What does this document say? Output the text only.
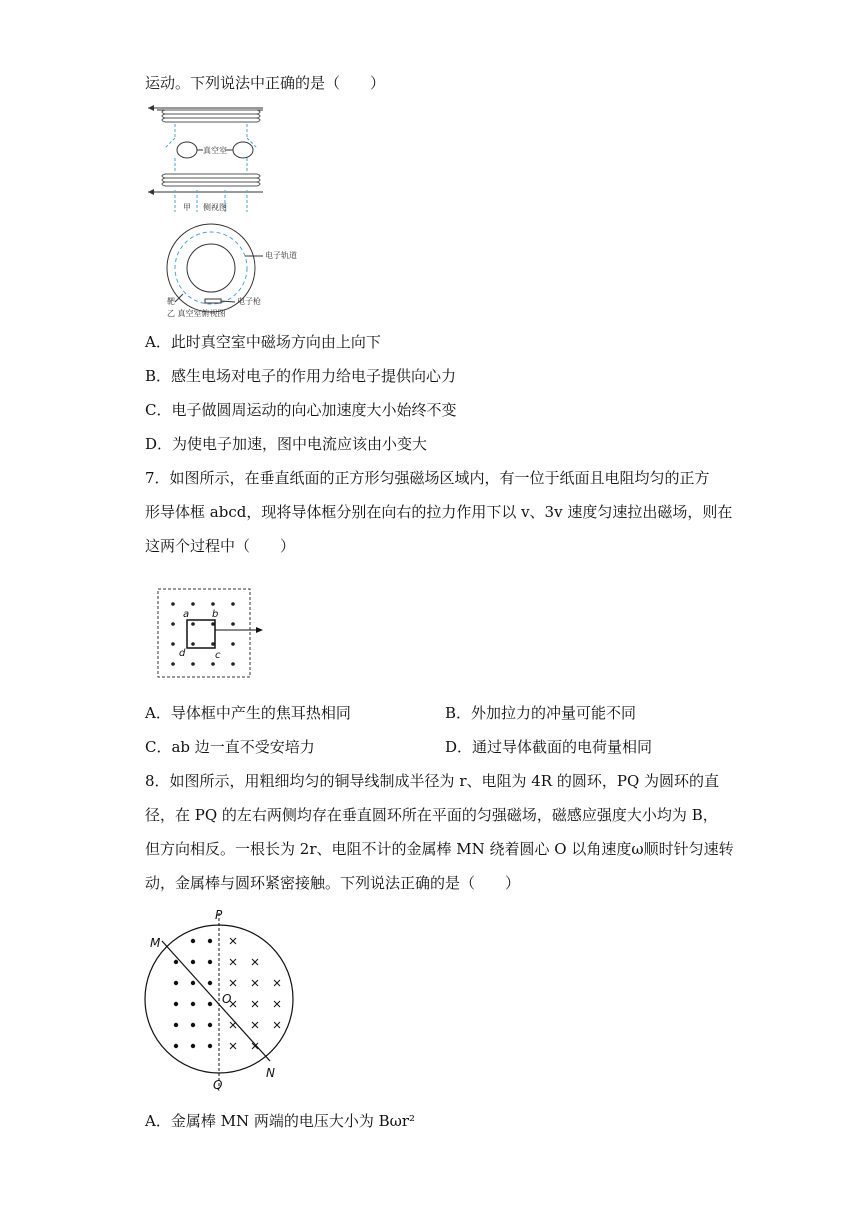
运动。下列说法中正确的是（　　）
真空室
甲 侧视图
电子轨道
靶	电子枪
乙 真空室俯视图
A．此时真空室中磁场方向由上向下
B．感生电场对电子的作用力给电子提供向心力
C．电子做圆周运动的向心加速度大小始终不变
D．为使电子加速，图中电流应该由小变大
7．如图所示，在垂直纸面的正方形匀强磁场区域内，有一位于纸面且电阻均匀的正方
形导体框 abcd，现将导体框分别在向右的拉力作用下以 v、3v 速度匀速拉出磁场，则在
这两个过程中（　　）
a b
d	c
A．导体框中产生的焦耳热相同	B．外加拉力的冲量可能不同
C．ab 边一直不受安培力	D．通过导体截面的电荷量相同
8．如图所示，用粗细均匀的铜导线制成半径为 r、电阻为 4R 的圆环，PQ 为圆环的直
径，在 PQ 的左右两侧均存在垂直圆环所在平面的匀强磁场，磁感应强度大小均为 B，
但方向相反。一根长为 2r、电阻不计的金属棒 MN 绕着圆心 O 以角速度ω顺时针匀速转
动，金属棒与圆环紧密接触。下列说法正确的是（　　）
P
Q
M
N
O
A．金属棒 MN 两端的电压大小为 Bωr²
